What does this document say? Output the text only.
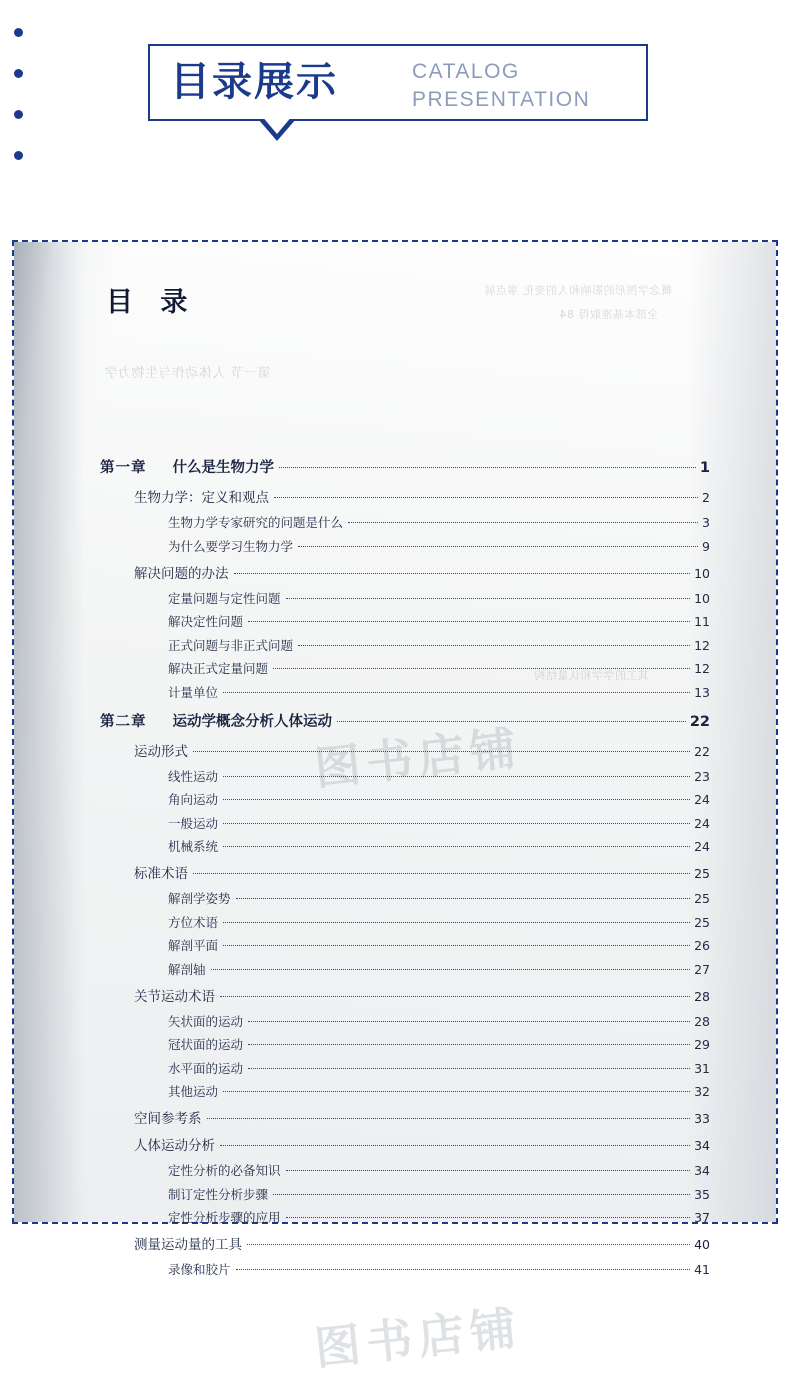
目录展示	CATALOG
PRESENTATION
概念学图形的影响和人的变化 事点展
全部本基准取得 84
第一节 人体动作与生物力学
其工的学学和认量结构
图书店铺
图书店铺
目 录
第一章 什么是生物力学	1
生物力学：定义和观点	2
生物力学专家研究的问题是什么	3
为什么要学习生物力学	9
解决问题的办法	10
定量问题与定性问题	10
解决定性问题	11
正式问题与非正式问题	12
解决正式定量问题	12
计量单位	13
第二章 运动学概念分析人体运动	22
运动形式	22
线性运动	23
角向运动	24
一般运动	24
机械系统	24
标准术语	25
解剖学姿势	25
方位术语	25
解剖平面	26
解剖轴	27
关节运动术语	28
矢状面的运动	28
冠状面的运动	29
水平面的运动	31
其他运动	32
空间参考系	33
人体运动分析	34
定性分析的必备知识	34
制订定性分析步骤	35
定性分析步骤的应用	37
测量运动量的工具	40
录像和胶片	41
